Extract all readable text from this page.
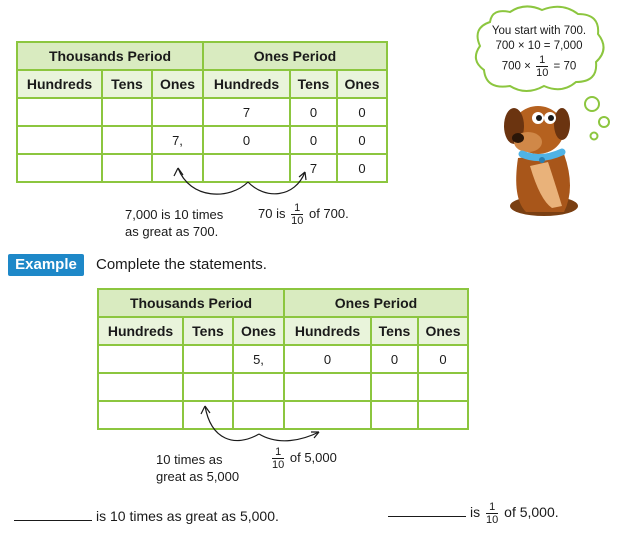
Thousands Period			Ones Period		
Hundreds	Tens	Ones	Hundreds	Tens	Ones
			7	0	0
		7,	0	0	0
				7	0
7,000 is 10 times
as great as 700.
70 is $\frac{1}{10}$ of 700.
You start with 700.
700 × 10 = 7,000
$700 \times \frac{1}{10} = 70$
Example	Complete the statements.
Thousands Period			Ones Period		
Hundreds	Tens	Ones	Hundreds	Tens	Ones
		5,	0	0	0

10 times as
great as 5,000
$\frac{1}{10}$ of 5,000
is 10 times as great as 5,000.	is $\frac{1}{10}$ of 5,000.
